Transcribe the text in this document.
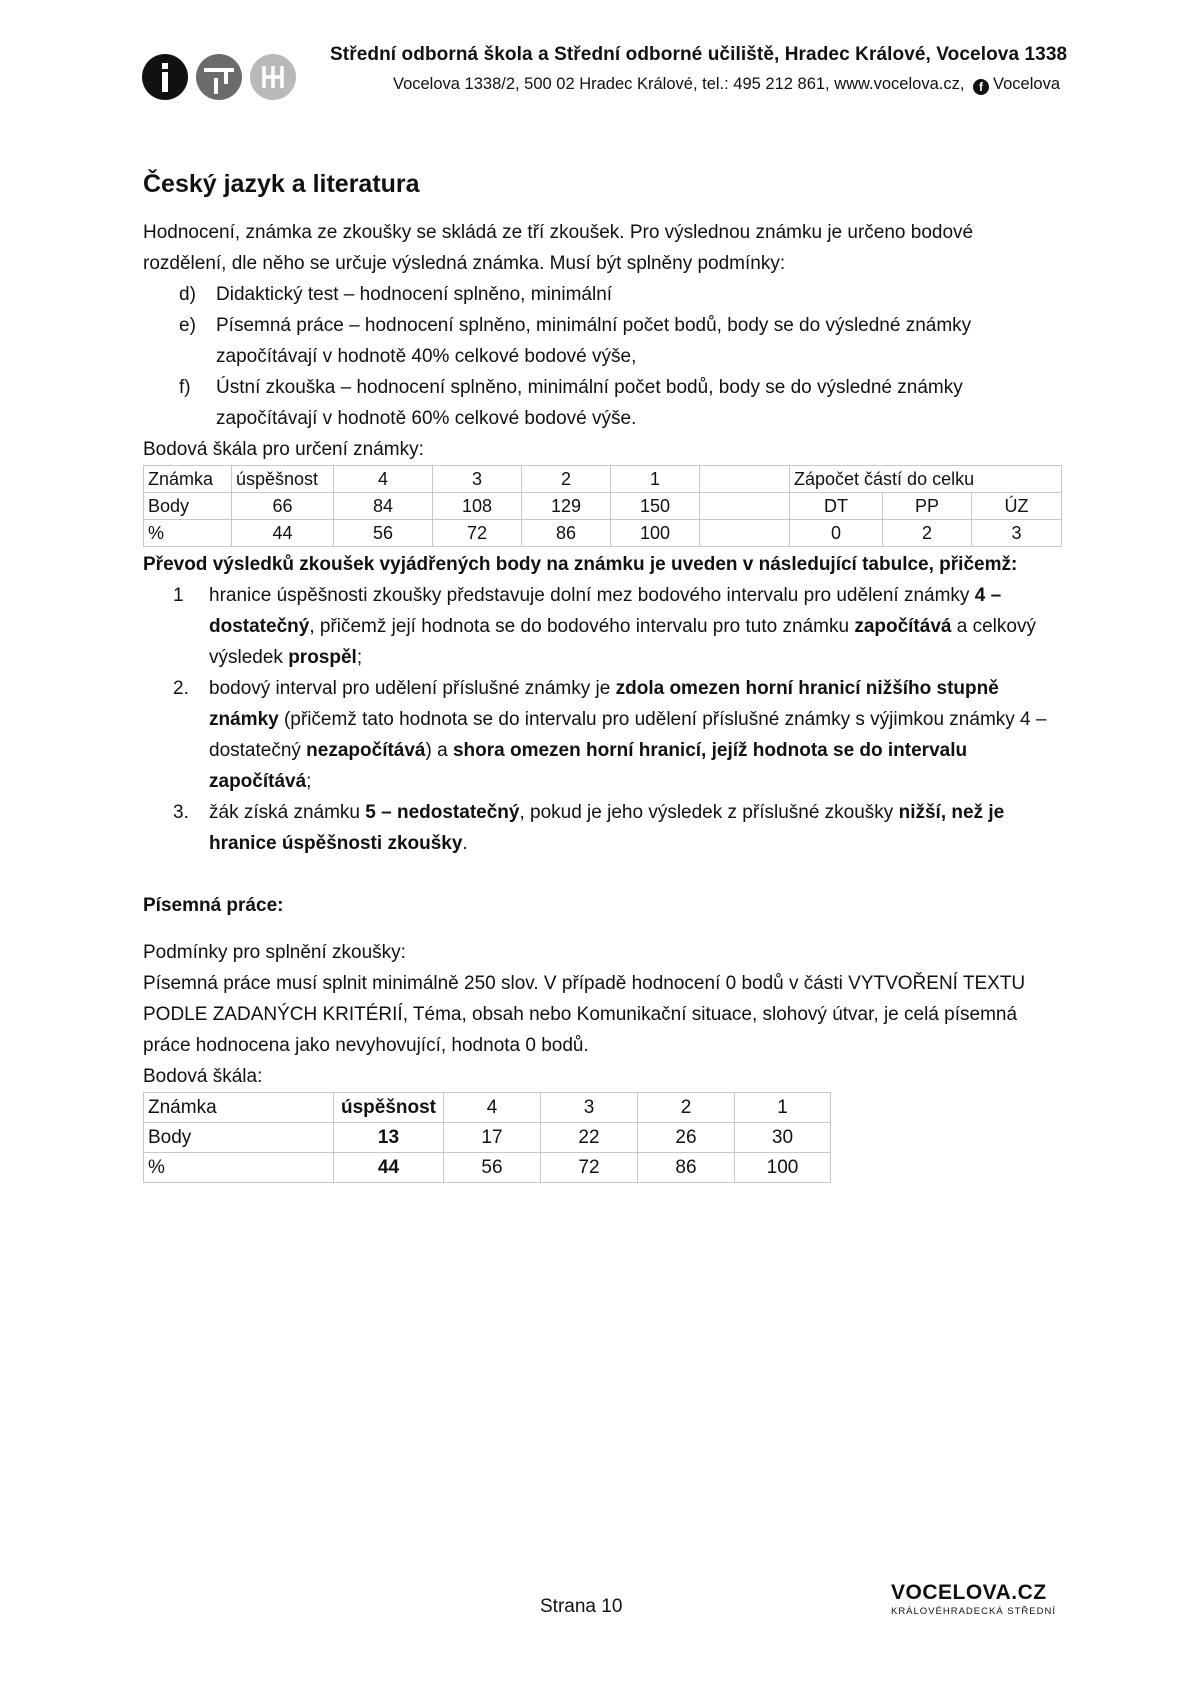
Střední odborná škola a Střední odborné učiliště, Hradec Králové, Vocelova 1338
Vocelova 1338/2, 500 02 Hradec Králové, tel.: 495 212 861, www.vocelova.cz, f Vocelova
Český jazyk a literatura

Hodnocení, známka ze zkoušky se skládá ze tří zkoušek. Pro výslednou známku je určeno bodové rozdělení, dle něho se určuje výsledná známka. Musí být splněny podmínky:

d)	Didaktický test – hodnocení splněno, minimální
e)	Písemná práce – hodnocení splněno, minimální počet bodů, body se do výsledné známky započítávají v hodnotě 40% celkové bodové výše,
f)	Ústní zkouška – hodnocení splněno, minimální počet bodů, body se do výsledné známky započítávají v hodnotě 60% celkové bodové výše.

Bodová škála pro určení známky:

Známka	úspěšnost	4	3	2	1		Zápočet částí do celku		
Body	66	84	108	129	150		DT	PP	ÚZ
%	44	56	72	86	100		0	2	3

Převod výsledků zkoušek vyjádřených body na známku je uveden v následující tabulce, přičemž:

1	hranice úspěšnosti zkoušky představuje dolní mez bodového intervalu pro udělení známky 4 – dostatečný, přičemž její hodnota se do bodového intervalu pro tuto známku započítává a celkový výsledek prospěl;
2.	bodový interval pro udělení příslušné známky je zdola omezen horní hranicí nižšího stupně známky (přičemž tato hodnota se do intervalu pro udělení příslušné známky s výjimkou známky 4 – dostatečný nezapočítává) a shora omezen horní hranicí, jejíž hodnota se do intervalu započítává;
3.	žák získá známku 5 – nedostatečný, pokud je jeho výsledek z příslušné zkoušky nižší, než je hranice úspěšnosti zkoušky.

Písemná práce:

Podmínky pro splnění zkoušky:

Písemná práce musí splnit minimálně 250 slov. V případě hodnocení 0 bodů v části VYTVOŘENÍ TEXTU PODLE ZADANÝCH KRITÉRIÍ, Téma, obsah nebo Komunikační situace, slohový útvar, je celá písemná práce hodnocena jako nevyhovující, hodnota 0 bodů.

Bodová škála:

Známka	úspěšnost	4	3	2	1
Body	13	17	22	26	30
%	44	56	72	86	100
Strana 10
VOCELOVA.CZ
KRÁLOVÉHRADECKÁ STŘEDNÍ
